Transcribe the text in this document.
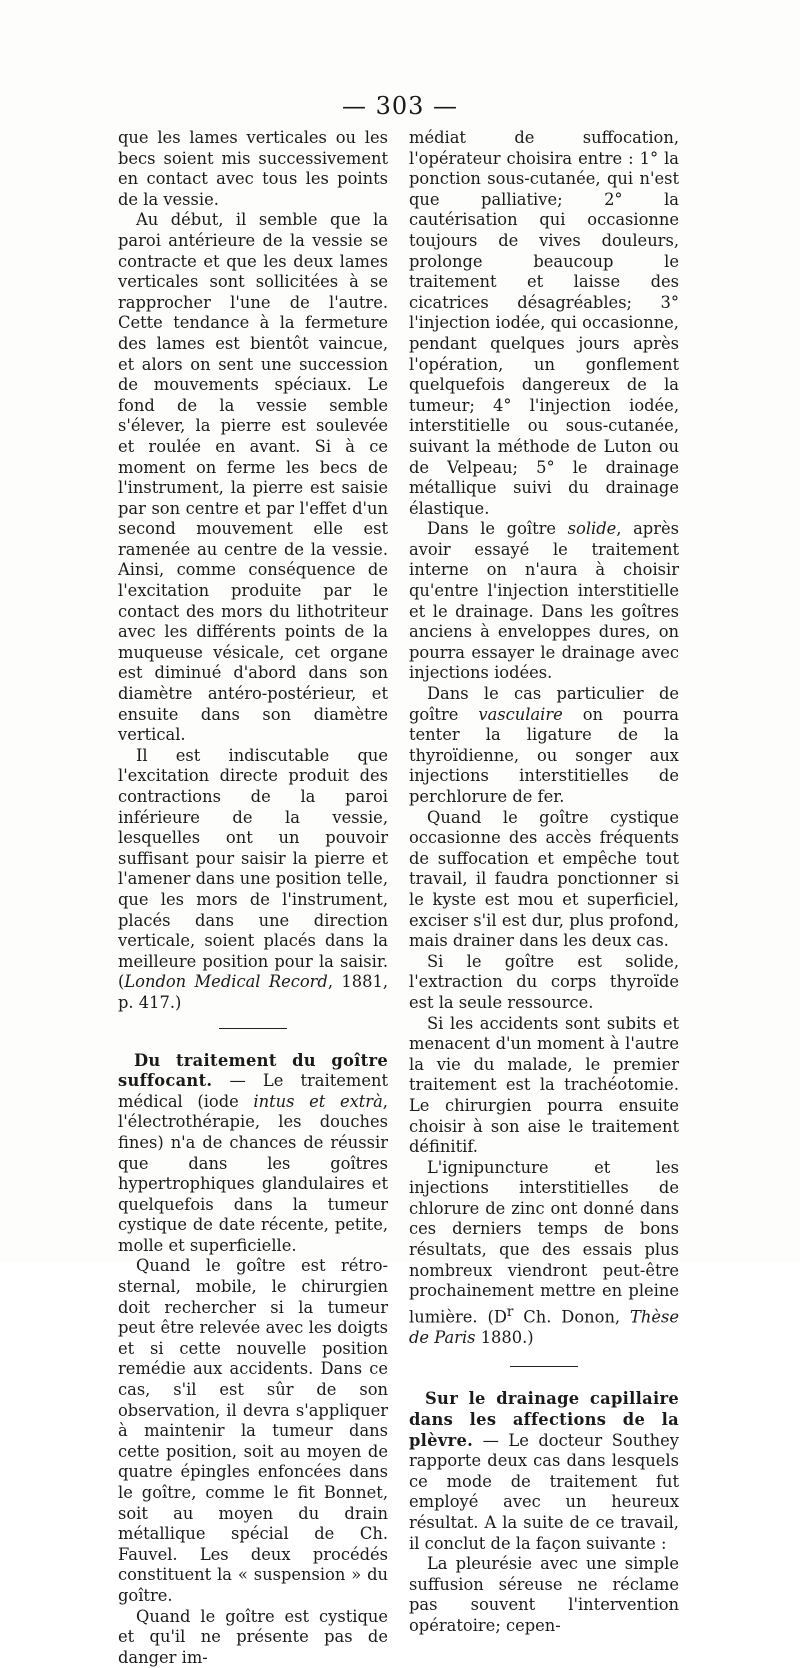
— 303 —

que les lames verticales ou les becs soient mis successivement en contact avec tous les points de la vessie.

Au début, il semble que la paroi antérieure de la vessie se contracte et que les deux lames verticales sont sollicitées à se rapprocher l'une de l'autre. Cette tendance à la fermeture des lames est bientôt vaincue, et alors on sent une succession de mouvements spéciaux. Le fond de la vessie semble s'élever, la pierre est soulevée et roulée en avant. Si à ce moment on ferme les becs de l'instrument, la pierre est saisie par son centre et par l'effet d'un second mouvement elle est ramenée au centre de la vessie. Ainsi, comme conséquence de l'excitation produite par le contact des mors du lithotriteur avec les différents points de la muqueuse vésicale, cet organe est diminué d'abord dans son diamètre antéro-postérieur, et ensuite dans son diamètre vertical.

Il est indiscutable que l'excitation directe produit des contractions de la paroi inférieure de la vessie, lesquelles ont un pouvoir suffisant pour saisir la pierre et l'amener dans une position telle, que les mors de l'instrument, placés dans une direction verticale, soient placés dans la meilleure position pour la saisir. (London Medical Record, 1881, p. 417.)

Du traitement du goître suffocant. — Le traitement médical (iode intus et extrà, l'électrothérapie, les douches fines) n'a de chances de réussir que dans les goîtres hypertrophiques glandulaires et quelquefois dans la tumeur cystique de date récente, petite, molle et superficielle.

Quand le goître est rétro-sternal, mobile, le chirurgien doit rechercher si la tumeur peut être relevée avec les doigts et si cette nouvelle position remédie aux accidents. Dans ce cas, s'il est sûr de son observation, il devra s'appliquer à maintenir la tumeur dans cette position, soit au moyen de quatre épingles enfoncées dans le goître, comme le fit Bonnet, soit au moyen du drain métallique spécial de Ch. Fauvel. Les deux procédés constituent la « suspension » du goître.

Quand le goître est cystique et qu'il ne présente pas de danger im-

médiat de suffocation, l'opérateur choisira entre : 1° la ponction sous-cutanée, qui n'est que palliative; 2° la cautérisation qui occasionne toujours de vives douleurs, prolonge beaucoup le traitement et laisse des cicatrices désagréables; 3° l'injection iodée, qui occasionne, pendant quelques jours après l'opération, un gonflement quelquefois dangereux de la tumeur; 4° l'injection iodée, interstitielle ou sous-cutanée, suivant la méthode de Luton ou de Velpeau; 5° le drainage métallique suivi du drainage élastique.

Dans le goître solide, après avoir essayé le traitement interne on n'aura à choisir qu'entre l'injection interstitielle et le drainage. Dans les goîtres anciens à enveloppes dures, on pourra essayer le drainage avec injections iodées.

Dans le cas particulier de goître vasculaire on pourra tenter la ligature de la thyroïdienne, ou songer aux injections interstitielles de perchlorure de fer.

Quand le goître cystique occasionne des accès fréquents de suffocation et empêche tout travail, il faudra ponctionner si le kyste est mou et superficiel, exciser s'il est dur, plus profond, mais drainer dans les deux cas.

Si le goître est solide, l'extraction du corps thyroïde est la seule ressource.

Si les accidents sont subits et menacent d'un moment à l'autre la vie du malade, le premier traitement est la trachéotomie. Le chirurgien pourra ensuite choisir à son aise le traitement définitif.

L'ignipuncture et les injections interstitielles de chlorure de zinc ont donné dans ces derniers temps de bons résultats, que des essais plus nombreux viendront peut-être prochainement mettre en pleine lumière. ($D^r$ Ch. Donon, Thèse de Paris 1880.)

Sur le drainage capillaire dans les affections de la plèvre. — Le docteur Southey rapporte deux cas dans lesquels ce mode de traitement fut employé avec un heureux résultat. A la suite de ce travail, il conclut de la façon suivante :

La pleurésie avec une simple suffusion séreuse ne réclame pas souvent l'intervention opératoire; cepen-
